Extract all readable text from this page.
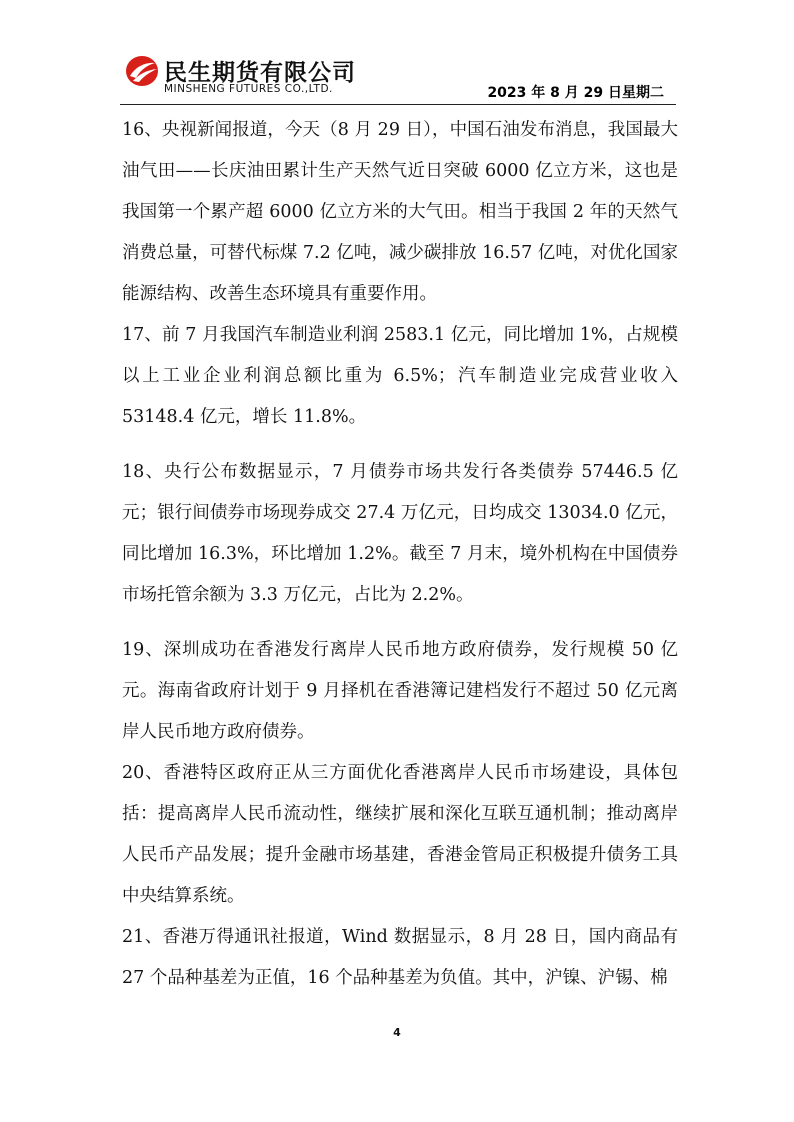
民生期货有限公司
MINSHENG FUTURES CO.,LTD.	2023 年 8 月 29 日星期二

16、央视新闻报道，今天（8 月 29 日），中国石油发布消息，我国最大油气田——长庆油田累计生产天然气近日突破 6000 亿立方米，这也是我国第一个累产超 6000 亿立方米的大气田。相当于我国 2 年的天然气消费总量，可替代标煤 7.2 亿吨，减少碳排放 16.57 亿吨，对优化国家能源结构、改善生态环境具有重要作用。

17、前 7 月我国汽车制造业利润 2583.1 亿元，同比增加 1%，占规模以上工业企业利润总额比重为 6.5%；汽车制造业完成营业收入 53148.4 亿元，增长 11.8%。

18、央行公布数据显示，7 月债券市场共发行各类债券 57446.5 亿元；银行间债券市场现券成交 27.4 万亿元，日均成交 13034.0 亿元，同比增加 16.3%，环比增加 1.2%。截至 7 月末，境外机构在中国债券市场托管余额为 3.3 万亿元，占比为 2.2%。

19、深圳成功在香港发行离岸人民币地方政府债券，发行规模 50 亿元。海南省政府计划于 9 月择机在香港簿记建档发行不超过 50 亿元离岸人民币地方政府债券。

20、香港特区政府正从三方面优化香港离岸人民币市场建设，具体包括：提高离岸人民币流动性，继续扩展和深化互联互通机制；推动离岸人民币产品发展；提升金融市场基建，香港金管局正积极提升债务工具中央结算系统。

21、香港万得通讯社报道，Wind 数据显示，8 月 28 日，国内商品有 27 个品种基差为正值，16 个品种基差为负值。其中，沪镍、沪锡、棉

4
